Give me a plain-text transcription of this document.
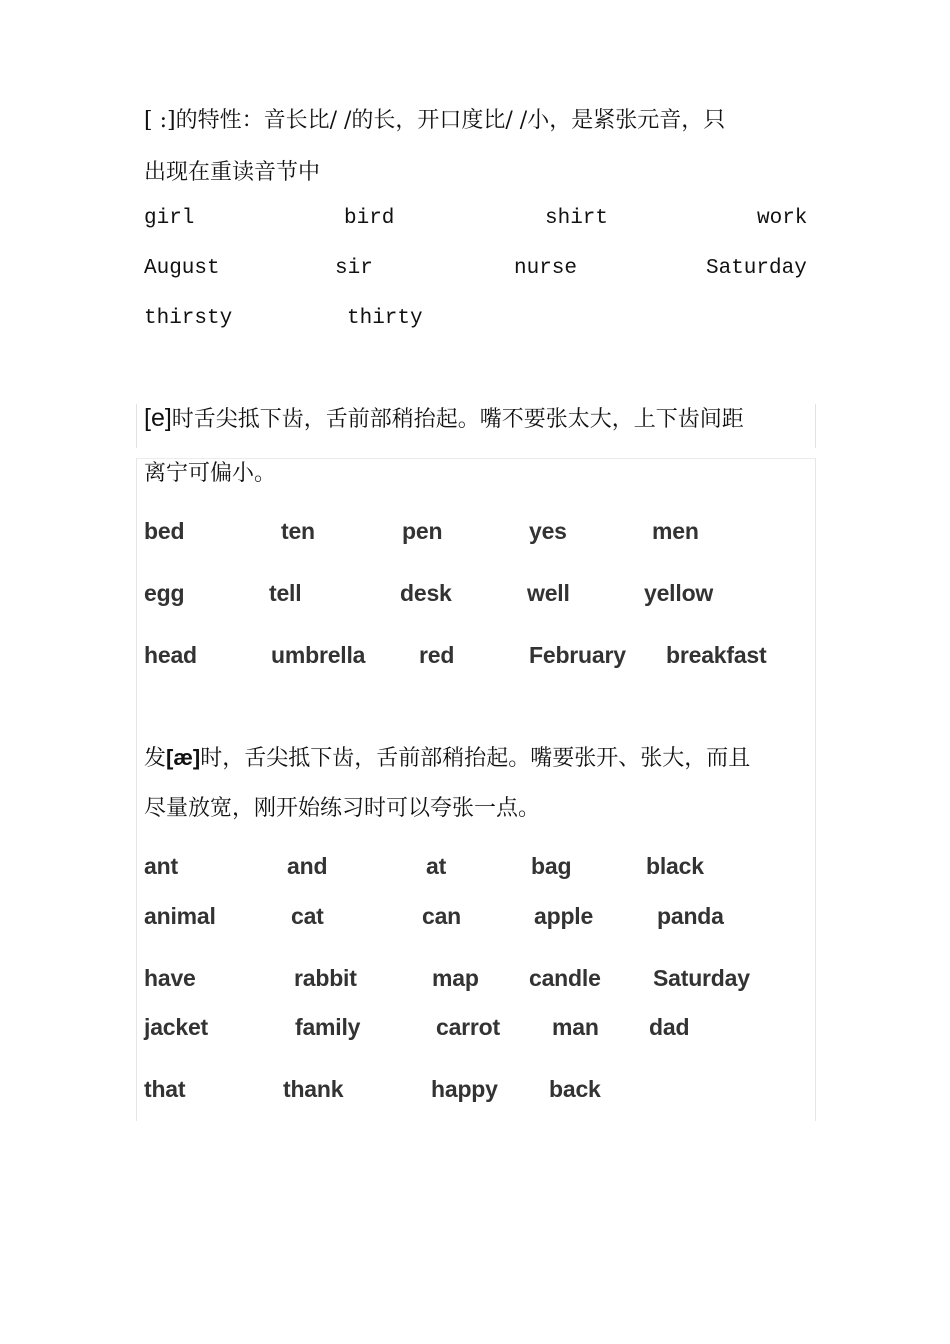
[ :]的特性：音长比/ /的长，开口度比/ /小，是紧张元音，只
出现在重读音节中
girl	bird	shirt	work
August	sir	nurse	Saturday
thirsty	thirty
[e]时舌尖抵下齿，舌前部稍抬起。嘴不要张太大，上下齿间距
离宁可偏小。
bed	ten	pen	yes	men
egg	tell	desk	well	yellow
head	umbrella red	February breakfast
发[æ]时，舌尖抵下齿，舌前部稍抬起。嘴要张开、张大，而且
尽量放宽，刚开始练习时可以夸张一点。
ant	and	at	bag	black
animal	cat	can	apple	panda
have	rabbit	map candle Saturday
jacket	family	carrot man dad
that	thank	happy back
